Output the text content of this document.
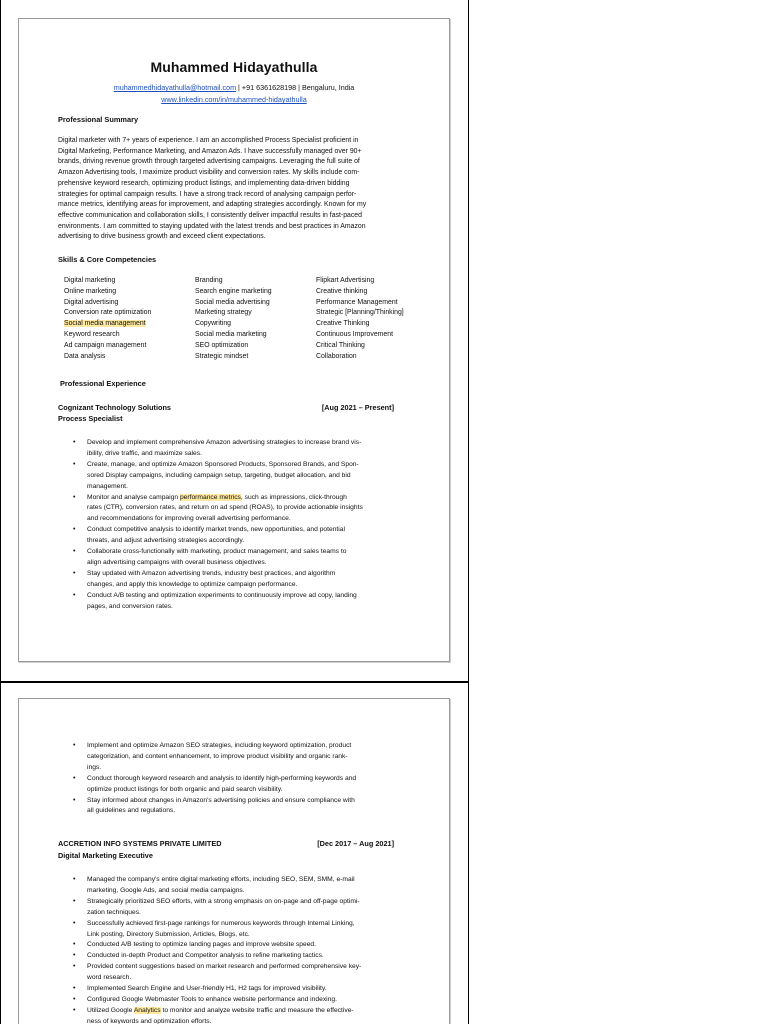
Muhammed Hidayathulla
muhammedhidayathulla@hotmail.com | +91 6361628198 | Bengaluru, India
www.linkedin.com/in/muhammed-hidayathulla
Professional Summary
Digital marketer with 7+ years of experience. I am an accomplished Process Specialist proficient in
Digital Marketing, Performance Marketing, and Amazon Ads. I have successfully managed over 90+
brands, driving revenue growth through targeted advertising campaigns. Leveraging the full suite of
Amazon Advertising tools, I maximize product visibility and conversion rates. My skills include com-
prehensive keyword research, optimizing product listings, and implementing data-driven bidding
strategies for optimal campaign results. I have a strong track record of analysing campaign perfor-
mance metrics, identifying areas for improvement, and adapting strategies accordingly. Known for my
effective communication and collaboration skills, I consistently deliver impactful results in fast-paced
environments. I am committed to staying updated with the latest trends and best practices in Amazon
advertising to drive business growth and exceed client expectations.
Skills & Core Competencies
Digital marketing
Online marketing
Digital advertising
Conversion rate optimization
Social media management
Keyword research
Ad campaign management
Data analysis
Branding
Search engine marketing
Social media advertising
Marketing strategy
Copywriting
Social media marketing
SEO optimization
Strategic mindset
Flipkart Advertising
Creative thinking
Performance Management
Strategic [Planning/Thinking]
Creative Thinking
Continuous Improvement
Critical Thinking
Collaboration
Professional Experience
Cognizant Technology Solutions	[Aug 2021 – Present]
Process Specialist
• Develop and implement comprehensive Amazon advertising strategies to increase brand vis-
ibility, drive traffic, and maximize sales.
• Create, manage, and optimize Amazon Sponsored Products, Sponsored Brands, and Spon-
sored Display campaigns, including campaign setup, targeting, budget allocation, and bid
management.
• Monitor and analyse campaign performance metrics, such as impressions, click-through
rates (CTR), conversion rates, and return on ad spend (ROAS), to provide actionable insights
and recommendations for improving overall advertising performance.
• Conduct competitive analysis to identify market trends, new opportunities, and potential
threats, and adjust advertising strategies accordingly.
• Collaborate cross-functionally with marketing, product management, and sales teams to
align advertising campaigns with overall business objectives.
• Stay updated with Amazon advertising trends, industry best practices, and algorithm
changes, and apply this knowledge to optimize campaign performance.
• Conduct A/B testing and optimization experiments to continuously improve ad copy, landing
pages, and conversion rates.
• Implement and optimize Amazon SEO strategies, including keyword optimization, product
categorization, and content enhancement, to improve product visibility and organic rank-
ings.
• Conduct thorough keyword research and analysis to identify high-performing keywords and
optimize product listings for both organic and paid search visibility.
• Stay informed about changes in Amazon's advertising policies and ensure compliance with
all guidelines and regulations.
ACCRETION INFO SYSTEMS PRIVATE LIMITED	[Dec 2017 – Aug 2021]
Digital Marketing Executive
• Managed the company's entire digital marketing efforts, including SEO, SEM, SMM, e-mail
marketing, Google Ads, and social media campaigns.
• Strategically prioritized SEO efforts, with a strong emphasis on on-page and off-page optimi-
zation techniques.
• Successfully achieved first-page rankings for numerous keywords through Internal Linking,
Link posting, Directory Submission, Articles, Blogs, etc.
• Conducted A/B testing to optimize landing pages and improve website speed.
• Conducted in-depth Product and Competitor analysis to refine marketing tactics.
• Provided content suggestions based on market research and performed comprehensive key-
word research.
• Implemented Search Engine and User-friendly H1, H2 tags for improved visibility.
• Configured Google Webmaster Tools to enhance website performance and indexing.
• Utilized Google Analytics to monitor and analyze website traffic and measure the effective-
ness of keywords and optimization efforts.
